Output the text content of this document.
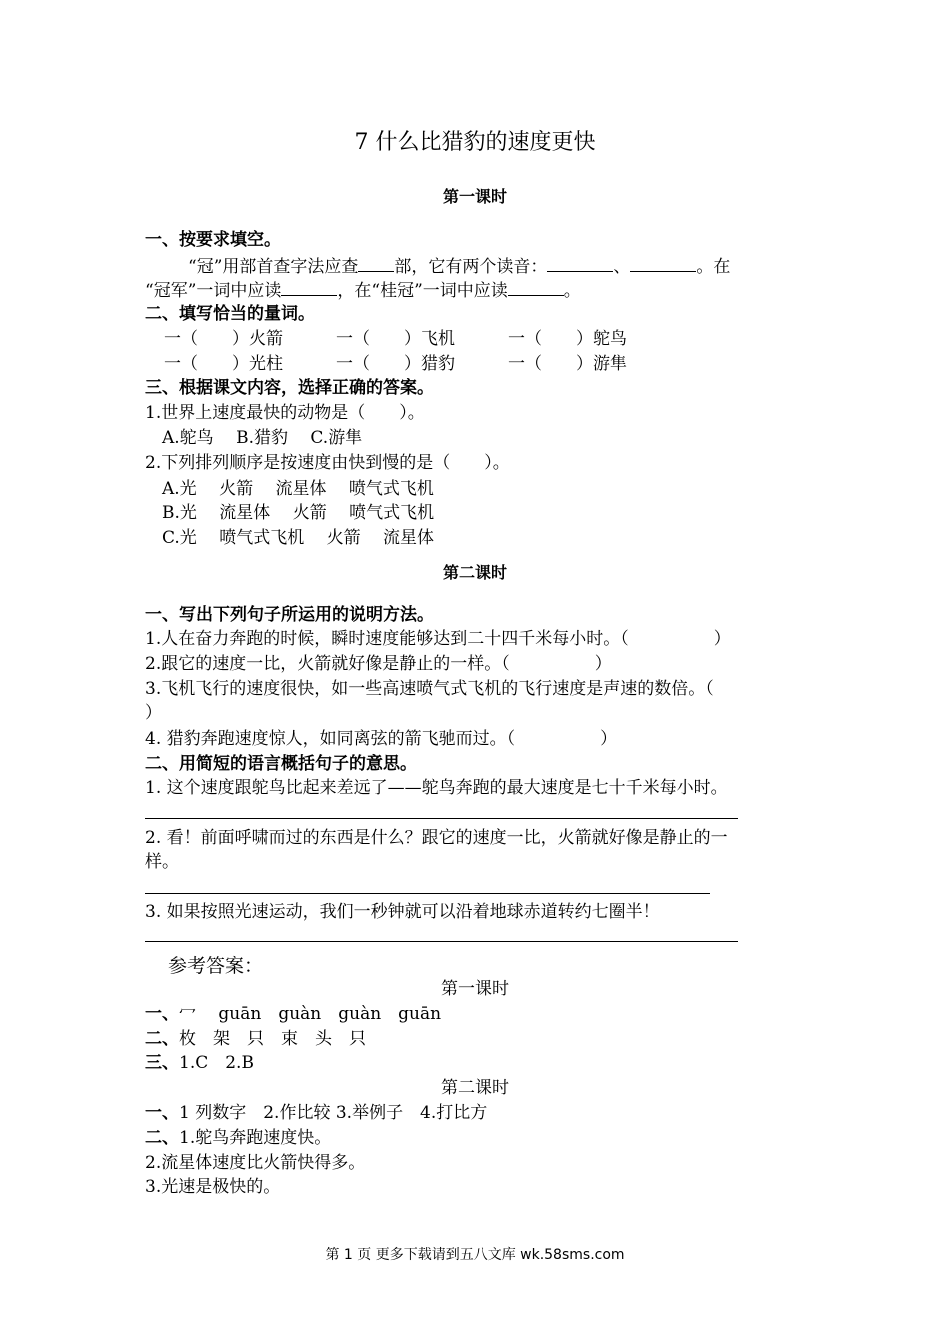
7 什么比猎豹的速度更快
第一课时
一、按要求填空。
“冠”用部首查字法应查 部，它有两个读音：	、	。在
“冠军”一词中应读	，在“桂冠”一词中应读	。
二、填写恰当的量词。
一（　　）火箭	一（　　）飞机	一（　　）鸵鸟
一（　　）光柱	一（　　）猎豹	一（　　）游隼
三、根据课文内容，选择正确的答案。
1.世界上速度最快的动物是（　　）。
A.鸵鸟　 B.猎豹　 C.游隼
2.下列排列顺序是按速度由快到慢的是（　　）。
A.光　 火箭　 流星体　 喷气式飞机
B.光　 流星体　 火箭　 喷气式飞机
C.光　 喷气式飞机　 火箭　 流星体
第二课时
一、写出下列句子所运用的说明方法。
1.人在奋力奔跑的时候，瞬时速度能够达到二十四千米每小时。（　　　　　）
2.跟它的速度一比，火箭就好像是静止的一样。（　　　　　）
3.飞机飞行的速度很快，如一些高速喷气式飞机的飞行速度是声速的数倍。（
）
4. 猎豹奔跑速度惊人，如同离弦的箭飞驰而过。（　　　　　）
二、用简短的语言概括句子的意思。
1. 这个速度跟鸵鸟比起来差远了——鸵鸟奔跑的最大速度是七十千米每小时。
2. 看！前面呼啸而过的东西是什么？跟它的速度一比，火箭就好像是静止的一
样。
3. 如果按照光速运动，我们一秒钟就可以沿着地球赤道转约七圈半！
参考答案：
第一课时
一、冖　 guān　guàn　guàn　guān
二、枚　架　只　束　头　只
三、1.C　2.B
第二课时
一、1 列数字　2.作比较 3.举例子　4.打比方
二、1.鸵鸟奔跑速度快。
2.流星体速度比火箭快得多。
3.光速是极快的。
第 1 页 更多下载请到五八文库 wk.58sms.com
